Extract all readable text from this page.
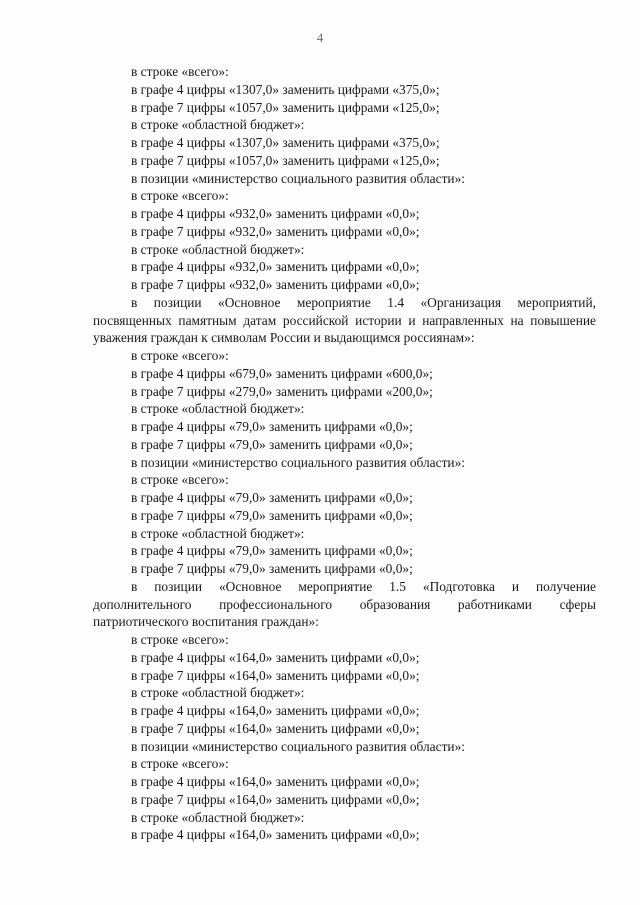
4
в строке «всего»:
в графе 4 цифры «1307,0» заменить цифрами «375,0»;
в графе 7 цифры «1057,0» заменить цифрами «125,0»;
в строке «областной бюджет»:
в графе 4 цифры «1307,0» заменить цифрами «375,0»;
в графе 7 цифры «1057,0» заменить цифрами «125,0»;
в позиции «министерство социального развития области»:
в строке «всего»:
в графе 4 цифры «932,0» заменить цифрами «0,0»;
в графе 7 цифры «932,0» заменить цифрами «0,0»;
в строке «областной бюджет»:
в графе 4 цифры «932,0» заменить цифрами «0,0»;
в графе 7 цифры «932,0» заменить цифрами «0,0»;
в позиции «Основное мероприятие 1.4 «Организация мероприятий, посвященных памятным датам российской истории и направленных на повышение уважения граждан к символам России и выдающимся россиянам»:
в строке «всего»:
в графе 4 цифры «679,0» заменить цифрами «600,0»;
в графе 7 цифры «279,0» заменить цифрами «200,0»;
в строке «областной бюджет»:
в графе 4 цифры «79,0» заменить цифрами «0,0»;
в графе 7 цифры «79,0» заменить цифрами «0,0»;
в позиции «министерство социального развития области»:
в строке «всего»:
в графе 4 цифры «79,0» заменить цифрами «0,0»;
в графе 7 цифры «79,0» заменить цифрами «0,0»;
в строке «областной бюджет»:
в графе 4 цифры «79,0» заменить цифрами «0,0»;
в графе 7 цифры «79,0» заменить цифрами «0,0»;
в позиции «Основное мероприятие 1.5 «Подготовка и получение дополнительного профессионального образования работниками сферы патриотического воспитания граждан»:
в строке «всего»:
в графе 4 цифры «164,0» заменить цифрами «0,0»;
в графе 7 цифры «164,0» заменить цифрами «0,0»;
в строке «областной бюджет»:
в графе 4 цифры «164,0» заменить цифрами «0,0»;
в графе 7 цифры «164,0» заменить цифрами «0,0»;
в позиции «министерство социального развития области»:
в строке «всего»:
в графе 4 цифры «164,0» заменить цифрами «0,0»;
в графе 7 цифры «164,0» заменить цифрами «0,0»;
в строке «областной бюджет»:
в графе 4 цифры «164,0» заменить цифрами «0,0»;
